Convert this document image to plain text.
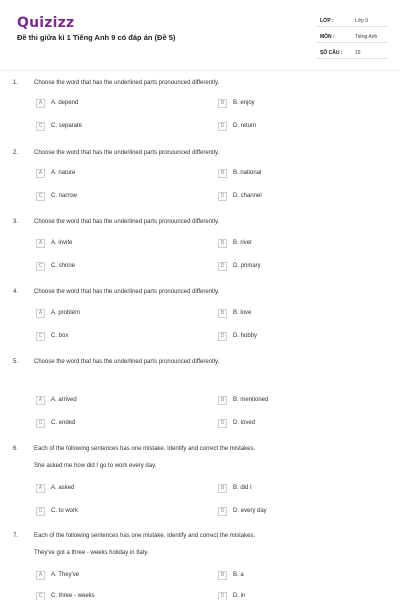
Quizizz
Đề thi giữa kì 1 Tiếng Anh 9 có đáp án (Đề 5)
LỚP :	Lớp 9
MÔN :	Tiếng Anh
SỐ CÂU :	15
1.	Choose the word that has the underlined parts pronounced differently.
A	A. depend	B	B. enjoy
C	C. separate	D	D. return
2.	Choose the word that has the underlined parts pronounced differently.
A	A. nature	B	B. national
C	C. narrow	D	D. channel
3.	Choose the word that has the underlined parts pronounced differently.
A	A. invite	B	B. river
C	C. shrine	D	D. primary
4.	Choose the word that has the underlined parts pronounced differently.
A	A. problem	B	B. love
C	C. box	D	D. hobby
5.	Choose the word that has the underlined parts pronounced differently.
A	A. arrived	B	B. mentioned
C	C. ended	D	D. loved
6.	Each of the following sentences has one mistake. Identify and correct the mistakes.
She asked me how did I go to work every day.
A	A. asked	B	B. did I
C	C. to work	D	D. every day
7.	Each of the following sentences has one mistake. Identify and correct the mistakes.
They've got a three - weeks holiday in Italy.
A	A. They've	B	B. a
C	C. three - weeks	D	D. in
